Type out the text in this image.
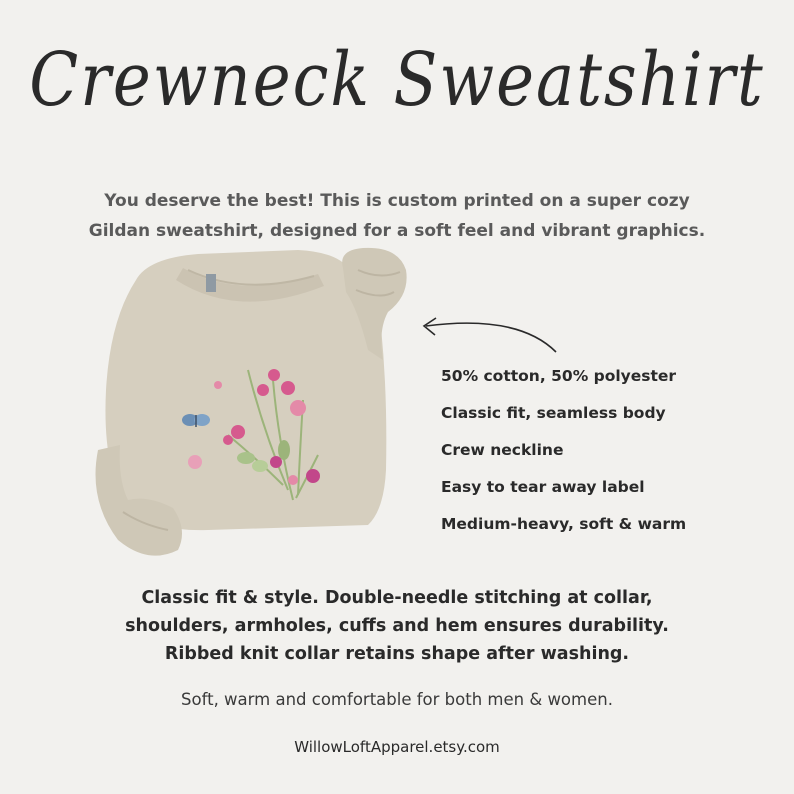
Crewneck Sweatshirt
You deserve the best! This is custom printed on a super cozy
Gildan sweatshirt, designed for a soft feel and vibrant graphics.
50% cotton, 50% polyester
Classic fit, seamless body
Crew neckline
Easy to tear away label
Medium-heavy, soft & warm
Classic fit & style. Double-needle stitching at collar,
shoulders, armholes, cuffs and hem ensures durability.
Ribbed knit collar retains shape after washing.
Soft, warm and comfortable for both men & women.
WillowLoftApparel.etsy.com
